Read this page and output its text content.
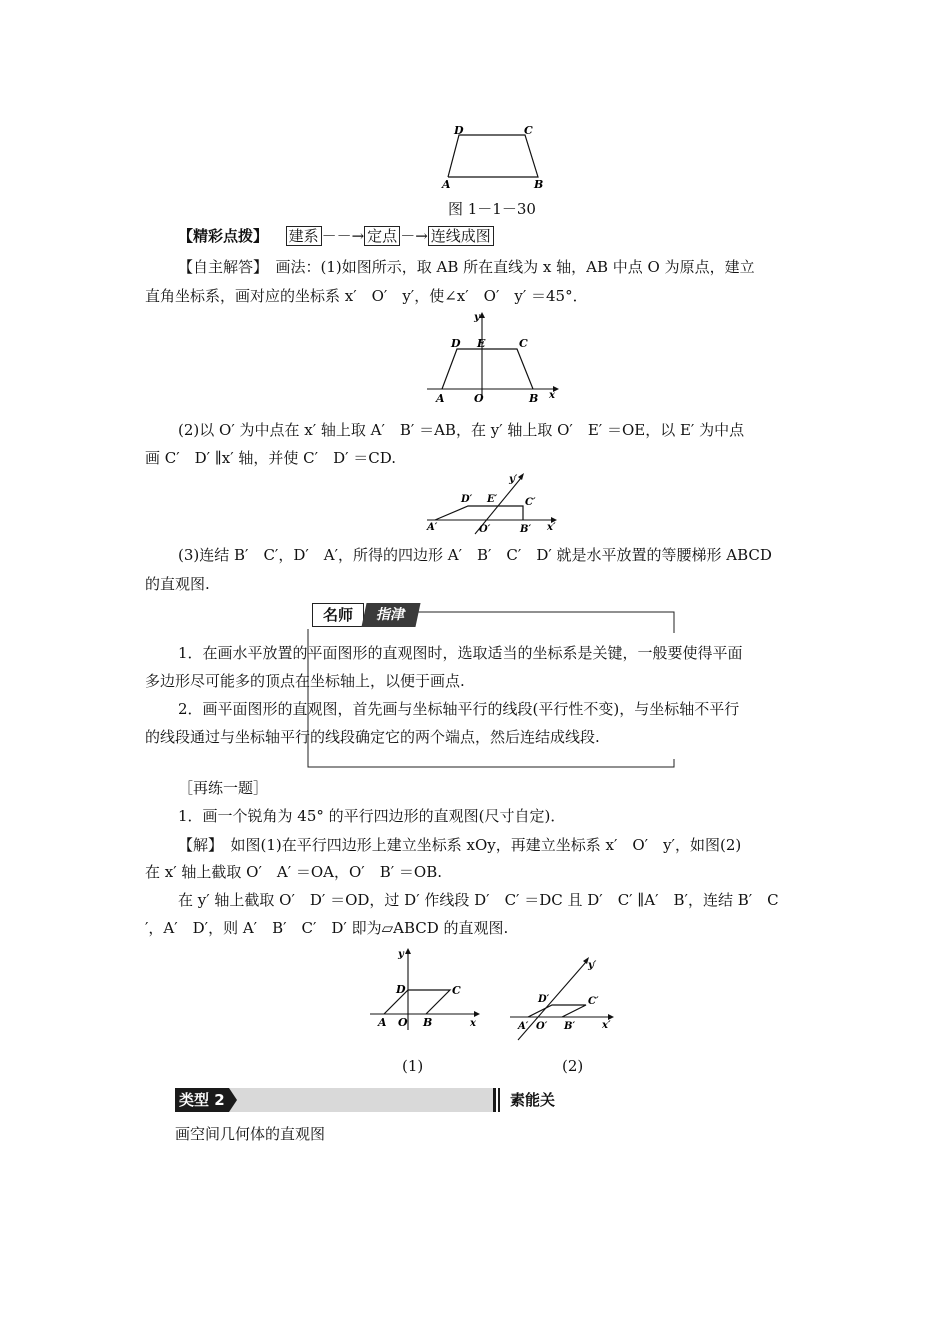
D	C
A	B
图 1－1－30
【精彩点拨】 建系 －－→ 定点 －→ 连线成图
【自主解答】　画法：(1)如图所示，取 AB 所在直线为 x 轴，AB 中点 O 为原点，建立
直角坐标系，画对应的坐标系 x′　O′　y′，使∠x′　O′　y′ ＝45°．
y
D E	C
A	O	B x
(2)以 O′ 为中点在 x′ 轴上取 A′　B′ ＝AB，在 y′ 轴上取 O′　E′ ＝OE，以 E′ 为中点
画 C′　D′ ∥x′ 轴，并使 C′　D′ ＝CD.
y′
D′ E′	C′
A′	O′	B′ x′
(3)连结 B′　C′，D′　A′，所得的四边形 A′　B′　C′　D′ 就是水平放置的等腰梯形 ABCD
的直观图.
名师	指津
1．在画水平放置的平面图形的直观图时，选取适当的坐标系是关键，一般要使得平面
多边形尽可能多的顶点在坐标轴上，以便于画点.
2．画平面图形的直观图，首先画与坐标轴平行的线段(平行性不变)，与坐标轴不平行
的线段通过与坐标轴平行的线段确定它的两个端点，然后连结成线段.
［再练一题］
1．画一个锐角为 45° 的平行四边形的直观图(尺寸自定)．
【解】　如图(1)在平行四边形上建立坐标系 xOy，再建立坐标系 x′　O′　y′，如图(2)
在 x′ 轴上截取 O′　A′ ＝OA，O′　B′ ＝OB.
在 y′ 轴上截取 O′　D′ ＝OD，过 D′ 作线段 D′　C′ ＝DC 且 D′　C′ ∥A′　B′，连结 B′　C
′，A′　D′，则 A′　B′　C′　D′ 即为▱ABCD 的直观图.
y
D	C
A O B	x
(1)
y′
D′	C′
A′ O′ B′	x′
(2)
类型 2	素能关
画空间几何体的直观图
